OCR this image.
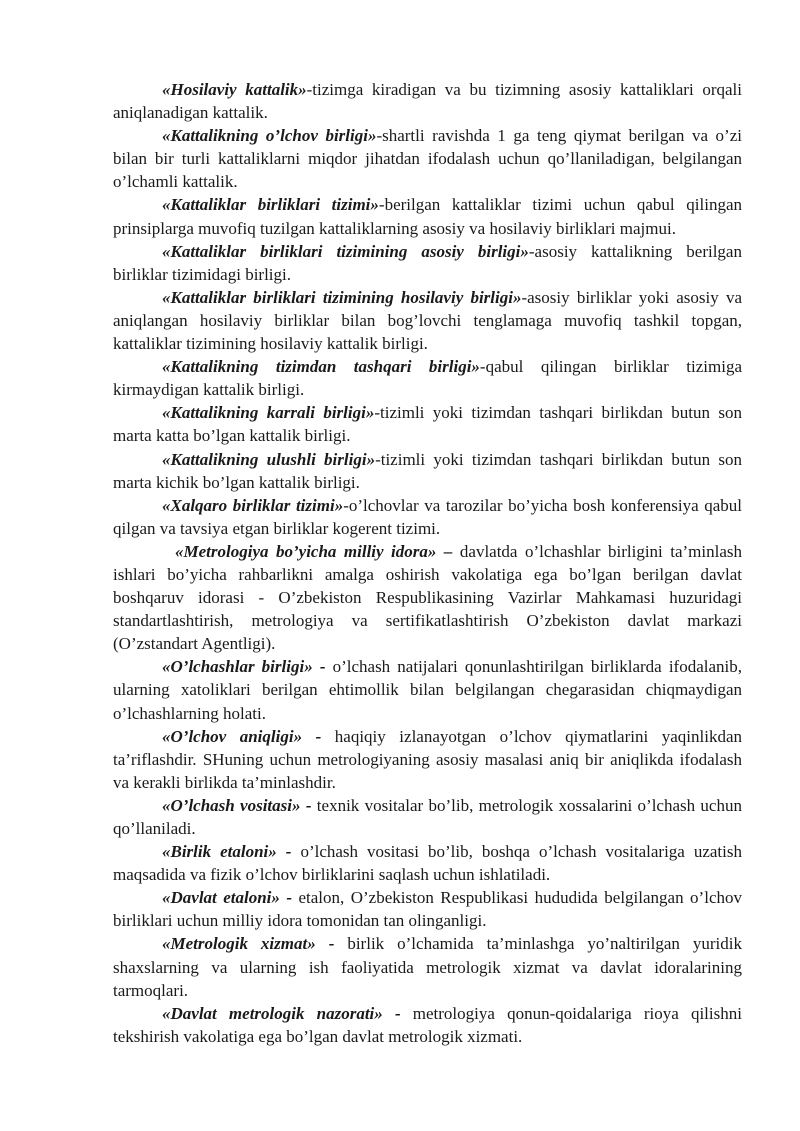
«Hosilaviy kattalik»-tizimga kiradigan va bu tizimning asosiy kattaliklari orqali aniqlanadigan kattalik.

«Kattalikning o’lchov birligi»-shartli ravishda 1 ga teng qiymat berilgan va o’zi bilan bir turli kattaliklarni miqdor jihatdan ifodalash uchun qo’llaniladigan, belgilangan o’lchamli kattalik.

«Kattaliklar birliklari tizimi»-berilgan kattaliklar tizimi uchun qabul qilingan prinsiplarga muvofiq tuzilgan kattaliklarning asosiy va hosilaviy birliklari majmui.

«Kattaliklar birliklari tizimining asosiy birligi»-asosiy kattalikning berilgan birliklar tizimidagi birligi.

«Kattaliklar birliklari tizimining hosilaviy birligi»-asosiy birliklar yoki asosiy va aniqlangan hosilaviy birliklar bilan bog’lovchi tenglamaga muvofiq tashkil topgan, kattaliklar tizimining hosilaviy kattalik birligi.

«Kattalikning tizimdan tashqari birligi»-qabul qilingan birliklar tizimiga kirmaydigan kattalik birligi.

«Kattalikning karrali birligi»-tizimli yoki tizimdan tashqari birlikdan butun son marta katta bo’lgan kattalik birligi.

«Kattalikning ulushli birligi»-tizimli yoki tizimdan tashqari birlikdan butun son marta kichik bo’lgan kattalik birligi.

«Xalqaro birliklar tizimi»-o’lchovlar va tarozilar bo’yicha bosh konferensiya qabul qilgan va tavsiya etgan birliklar kogerent tizimi.

«Metrologiya bo’yicha milliy idora» – davlatda o’lchashlar birligini ta’minlash ishlari bo’yicha rahbarlikni amalga oshirish vakolatiga ega bo’lgan berilgan davlat boshqaruv idorasi - O’zbekiston Respublikasining Vazirlar Mahkamasi huzuridagi standartlashtirish, metrologiya va sertifikatlashtirish O’zbekiston davlat markazi (O’zstandart Agentligi).

«O’lchashlar birligi» - o’lchash natijalari qonunlashtirilgan birliklarda ifodalanib, ularning xatoliklari berilgan ehtimollik bilan belgilangan chegarasidan chiqmaydigan o’lchashlarning holati.

«O’lchov aniqligi» - haqiqiy izlanayotgan o’lchov qiymatlarini yaqinlikdan ta’riflashdir. SHuning uchun metrologiyaning asosiy masalasi aniq bir aniqlikda ifodalash va kerakli birlikda ta’minlashdir.

«O’lchash vositasi» - texnik vositalar bo’lib, metrologik xossalarini o’lchash uchun qo’llaniladi.

«Birlik etaloni» - o’lchash vositasi bo’lib, boshqa o’lchash vositalariga uzatish maqsadida va fizik o’lchov birliklarini saqlash uchun ishlatiladi.

«Davlat etaloni» - etalon, O’zbekiston Respublikasi hududida belgilangan o’lchov birliklari uchun milliy idora tomonidan tan olinganligi.

«Metrologik xizmat» - birlik o’lchamida ta’minlashga yo’naltirilgan yuridik shaxslarning va ularning ish faoliyatida metrologik xizmat va davlat idoralarining tarmoqlari.

«Davlat metrologik nazorati» - metrologiya qonun-qoidalariga rioya qilishni tekshirish vakolatiga ega bo’lgan davlat metrologik xizmati.
